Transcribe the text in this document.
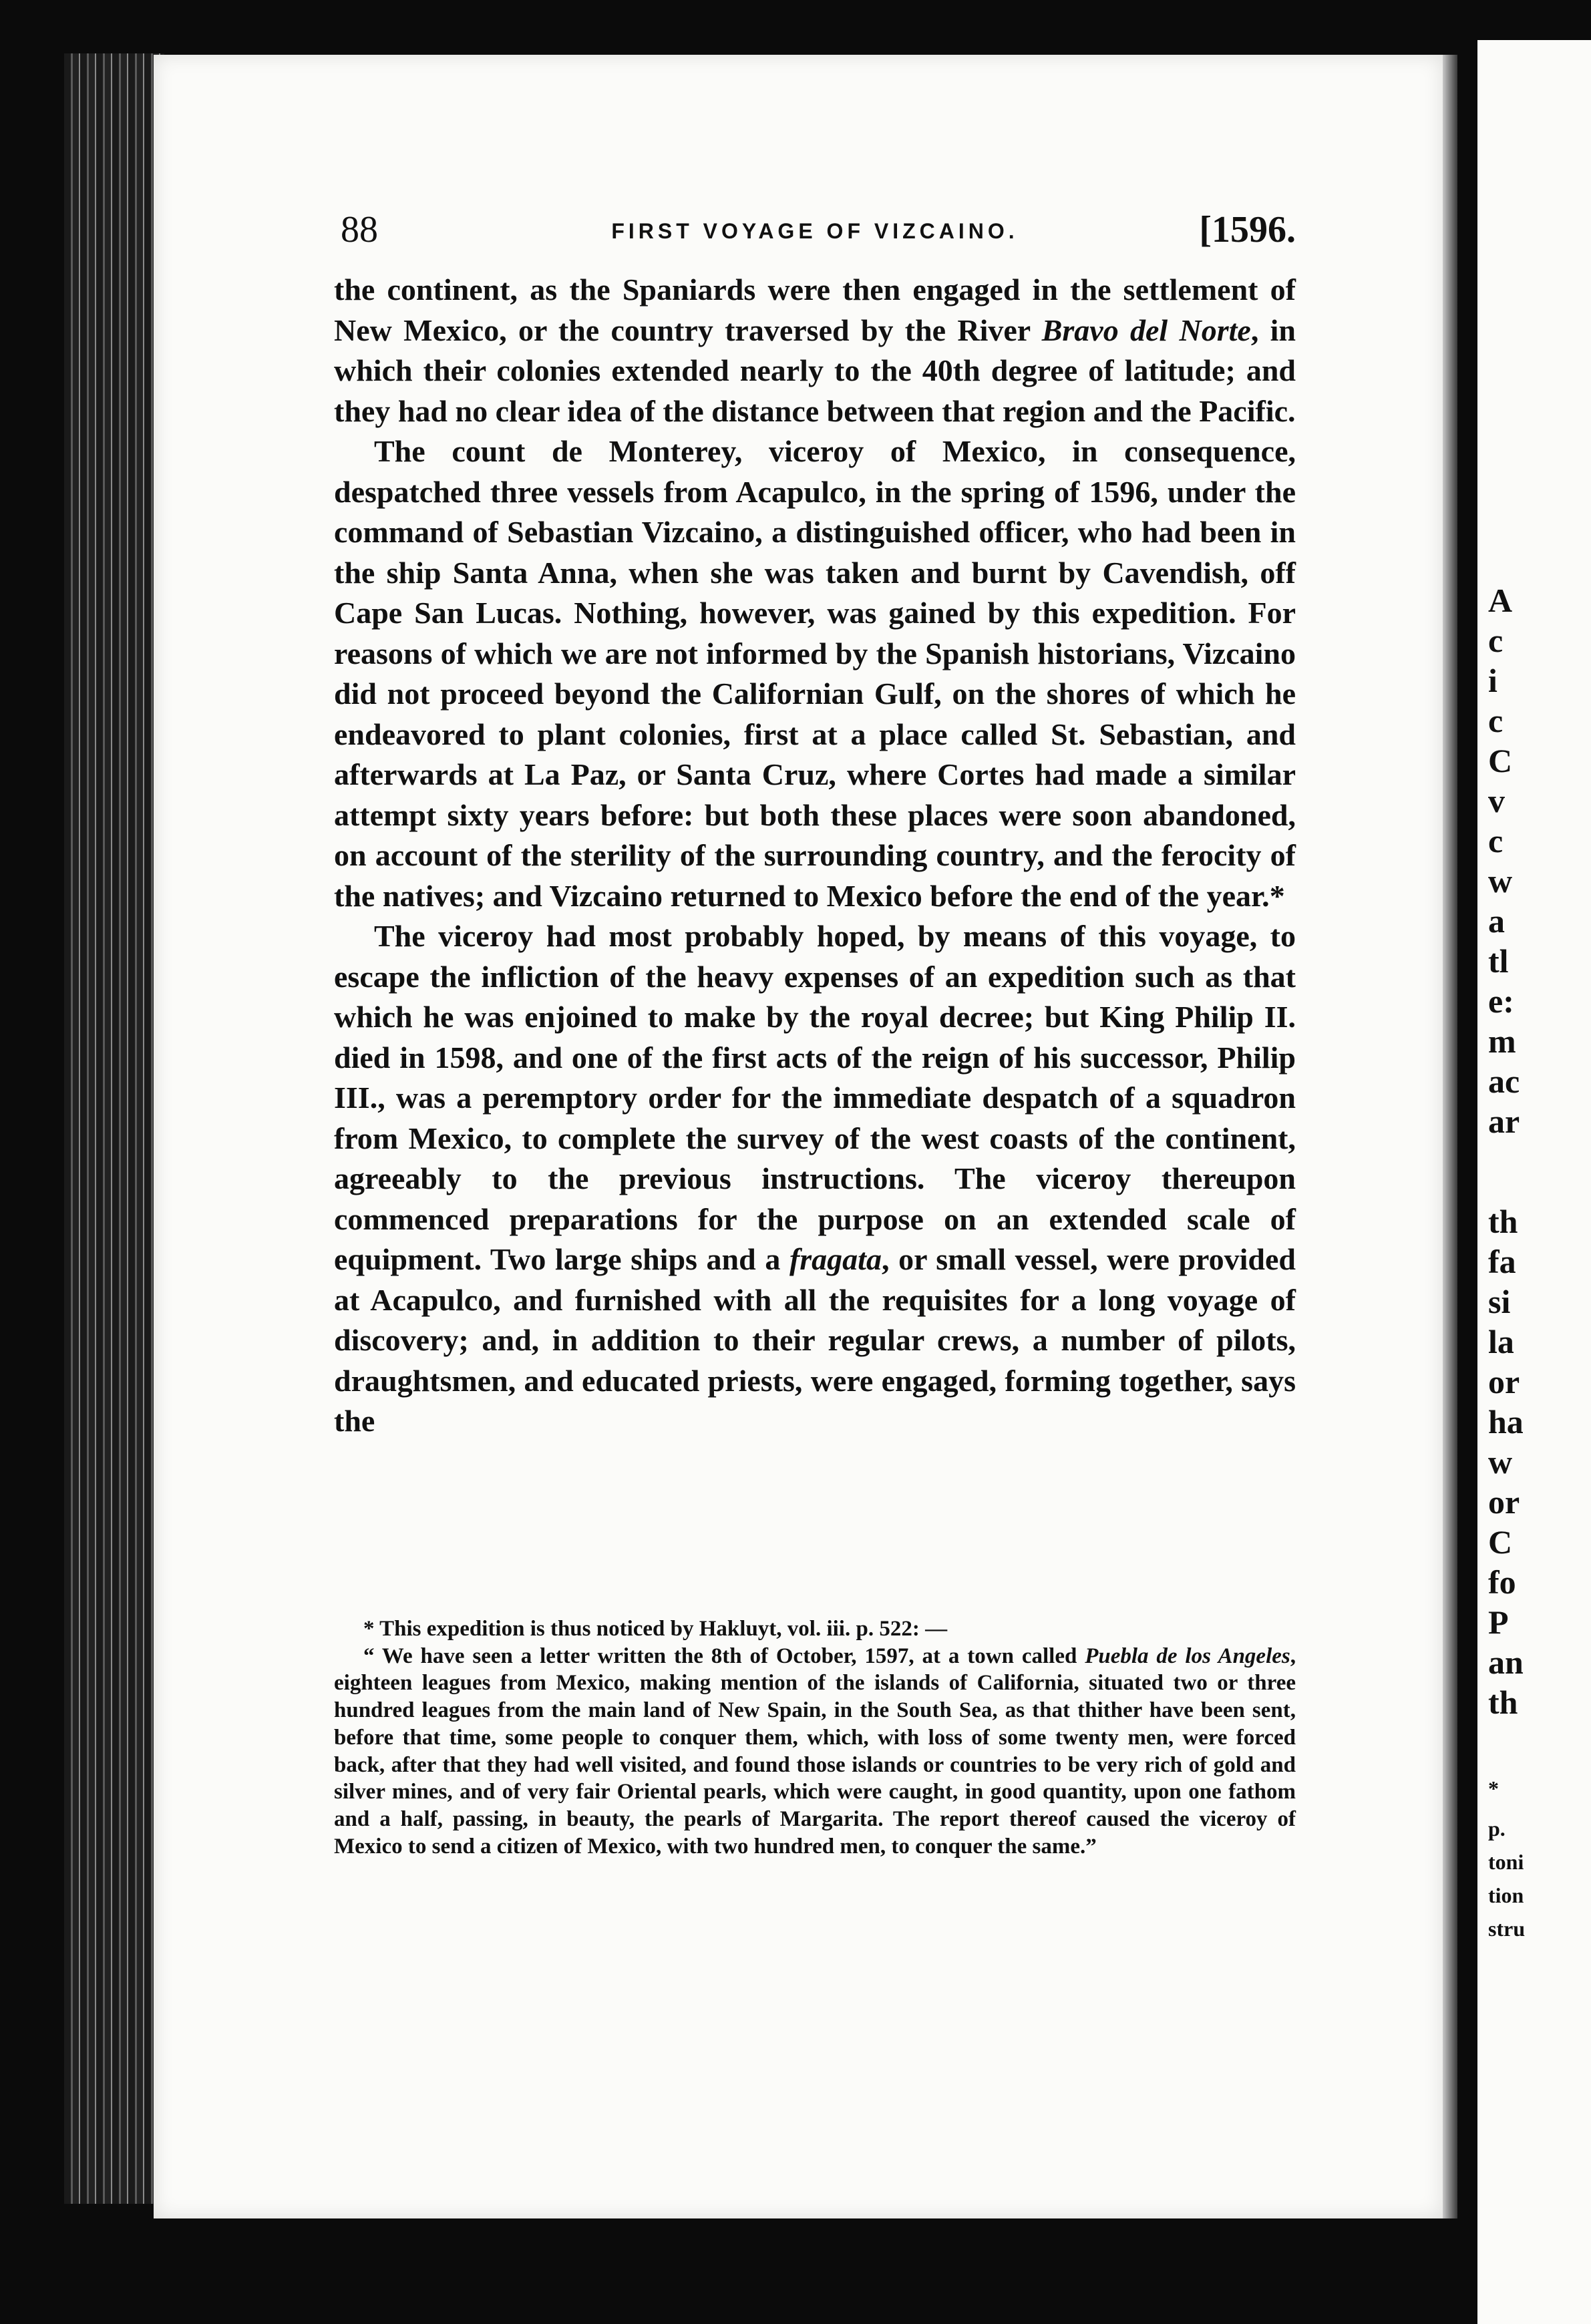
88	FIRST VOYAGE OF VIZCAINO.	[1596.

the continent, as the Spaniards were then engaged in the settlement of New Mexico, or the country traversed by the River Bravo del Norte, in which their colonies extended nearly to the 40th degree of latitude; and they had no clear idea of the distance between that region and the Pacific.

The count de Monterey, viceroy of Mexico, in consequence, despatched three vessels from Acapulco, in the spring of 1596, under the command of Sebastian Vizcaino, a distinguished officer, who had been in the ship Santa Anna, when she was taken and burnt by Cavendish, off Cape San Lucas. Nothing, however, was gained by this expedition. For reasons of which we are not informed by the Spanish historians, Vizcaino did not proceed beyond the Californian Gulf, on the shores of which he endeavored to plant colonies, first at a place called St. Sebastian, and afterwards at La Paz, or Santa Cruz, where Cortes had made a similar attempt sixty years before: but both these places were soon abandoned, on account of the sterility of the surrounding country, and the ferocity of the natives; and Vizcaino returned to Mexico before the end of the year.*

The viceroy had most probably hoped, by means of this voyage, to escape the infliction of the heavy expenses of an expedition such as that which he was enjoined to make by the royal decree; but King Philip II. died in 1598, and one of the first acts of the reign of his successor, Philip III., was a peremptory order for the immediate despatch of a squadron from Mexico, to complete the survey of the west coasts of the continent, agreeably to the previous instructions. The viceroy thereupon commenced preparations for the purpose on an extended scale of equipment. Two large ships and a fragata, or small vessel, were provided at Acapulco, and furnished with all the requisites for a long voyage of discovery; and, in addition to their regular crews, a number of pilots, draughtsmen, and educated priests, were engaged, forming together, says the

* This expedition is thus noticed by Hakluyt, vol. iii. p. 522: —

“ We have seen a letter written the 8th of October, 1597, at a town called Puebla de los Angeles, eighteen leagues from Mexico, making mention of the islands of California, situated two or three hundred leagues from the main land of New Spain, in the South Sea, as that thither have been sent, before that time, some people to conquer them, which, with loss of some twenty men, were forced back, after that they had well visited, and found those islands or countries to be very rich of gold and silver mines, and of very fair Oriental pearls, which were caught, in good quantity, upon one fathom and a half, passing, in beauty, the pearls of Margarita. The report thereof caused the viceroy of Mexico to send a citizen of Mexico, with two hundred men, to conquer the same.”

A
c
i
c
C
v
c
w
a
tl
e:
m
ac
ar
th
fa
si
la
or
ha
w
or
C
fo
P
an
th
*
p.
toni
tion
stru
